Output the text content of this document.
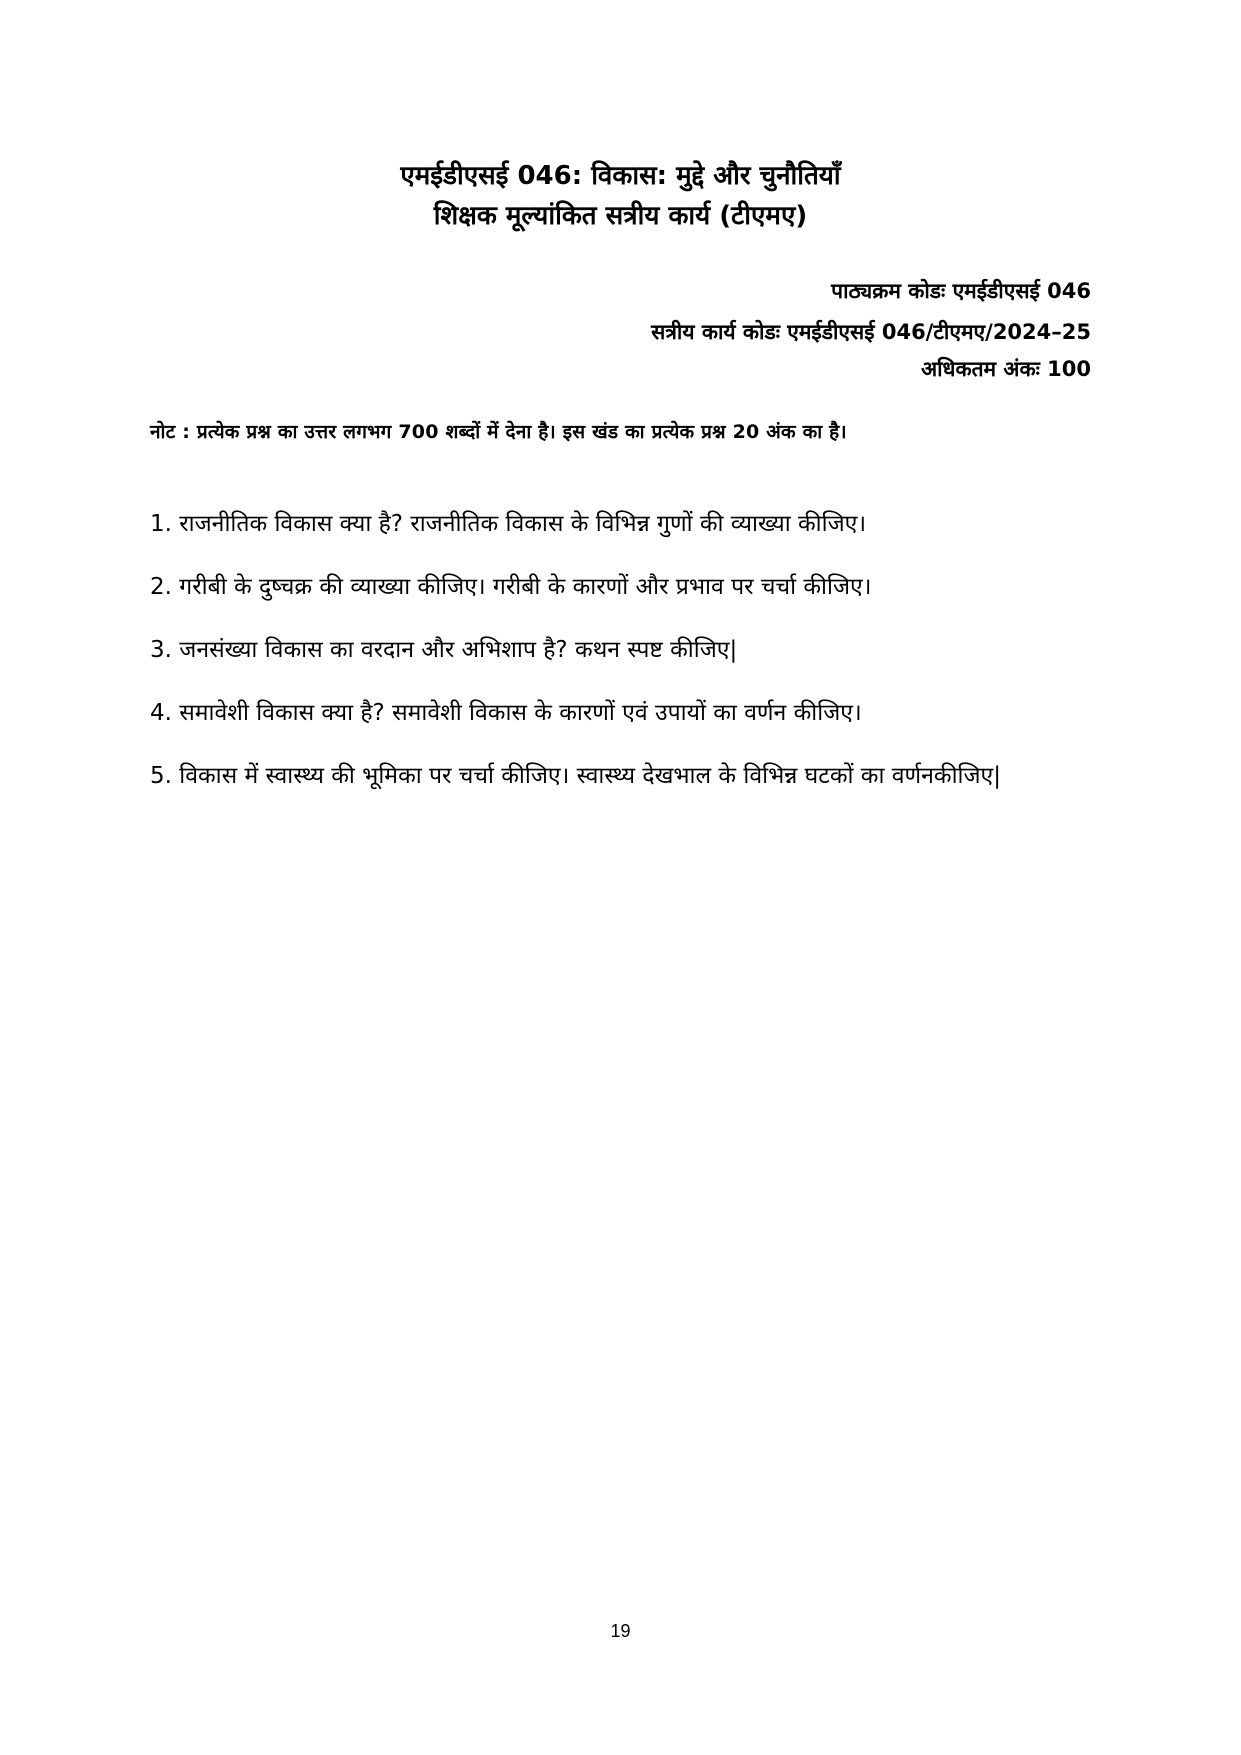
एमईडीएसई 046: विकास: मुद्दे और चुनौतियाँ
शिक्षक मूल्यांकित सत्रीय कार्य (टीएमए)
पाठ्यक्रम कोडः एमईडीएसई 046
सत्रीय कार्य कोडः एमईडीएसई 046/टीएमए/2024–25
अधिकतम अंकः 100
नोट : प्रत्येक प्रश्न का उत्तर लगभग 700 शब्दों में देना है। इस खंड का प्रत्येक प्रश्न 20 अंक का है।
1. राजनीतिक विकास क्या है? राजनीतिक विकास के विभिन्न गुणों की व्याख्या कीजिए।
2. गरीबी के दुष्चक्र की व्याख्या कीजिए। गरीबी के कारणों और प्रभाव पर चर्चा कीजिए।
3. जनसंख्या विकास का वरदान और अभिशाप है? कथन स्पष्ट कीजिए|
4. समावेशी विकास क्या है? समावेशी विकास के कारणों एवं उपायों का वर्णन कीजिए।
5. विकास में स्वास्थ्य की भूमिका पर चर्चा कीजिए। स्वास्थ्य देखभाल के विभिन्न घटकों का वर्णनकीजिए|
19
